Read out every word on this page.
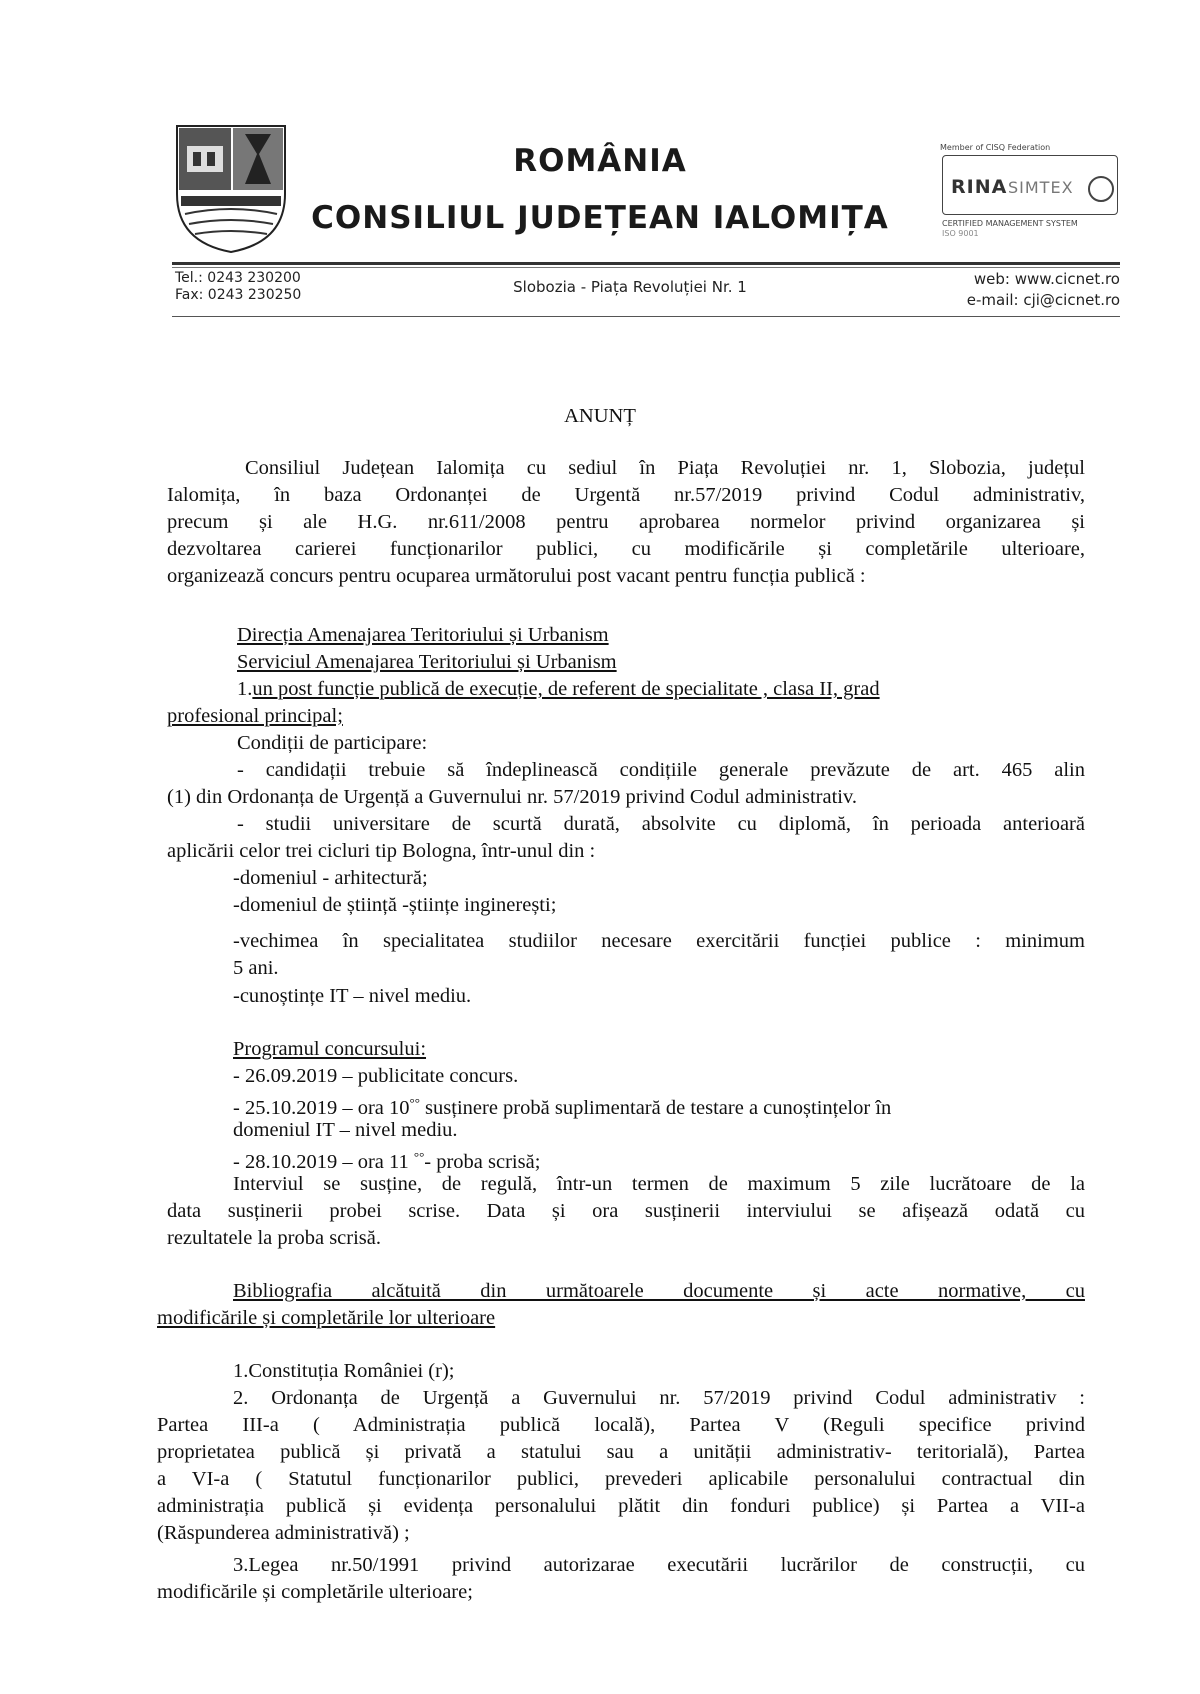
ROMÂNIA
CONSILIUL JUDEȚEAN IALOMIȚA
Member of CISQ Federation
RINA SIMTEX
CERTIFIED MANAGEMENT SYSTEM
ISO 9001
Tel.: 0243 230200
Fax: 0243 230250	Slobozia - Piața Revoluției Nr. 1	web: www.cicnet.ro
e-mail: cji@cicnet.ro
ANUNȚ
Consiliul Județean Ialomița cu sediul în Piața Revoluției nr. 1, Slobozia, județul
Ialomița, în baza Ordonanței de Urgentă nr.57/2019 privind Codul administrativ,
precum și ale H.G. nr.611/2008 pentru aprobarea normelor privind organizarea și
dezvoltarea carierei funcționarilor publici, cu modificările și completările ulterioare,
organizează concurs pentru ocuparea următorului post vacant pentru funcția publică :
Direcția Amenajarea Teritoriului și Urbanism
Serviciul Amenajarea Teritoriului și Urbanism
1.un post funcție publică de execuție, de referent de specialitate , clasa II, grad
profesional principal;
Condiții de participare:
- candidații trebuie să îndeplinească condițiile generale prevăzute de art. 465 alin
(1) din Ordonanța de Urgență a Guvernului nr. 57/2019 privind Codul administrativ.
- studii universitare de scurtă durată, absolvite cu diplomă, în perioada anterioară
aplicării celor trei cicluri tip Bologna, într-unul din :
-domeniul - arhitectură;
-domeniul de știință -științe inginerești;
-vechimea în specialitatea studiilor necesare exercitării funcției publice : minimum
5 ani.
-cunoștințe IT – nivel mediu.
Programul concursului:
- 26.09.2019 – publicitate concurs.
- 25.10.2019 – ora 10°° susținere probă suplimentară de testare a cunoștințelor în
domeniul IT – nivel mediu.
- 28.10.2019 – ora 11 °°- proba scrisă;
Interviul se susține, de regulă, într-un termen de maximum 5 zile lucrătoare de la
data susținerii probei scrise. Data și ora susținerii interviului se afișează odată cu
rezultatele la proba scrisă.
Bibliografia alcătuită din următoarele documente și acte normative, cu
modificările și completările lor ulterioare
1.Constituția României (r);
2. Ordonanța de Urgență a Guvernului nr. 57/2019 privind Codul administrativ :
Partea III-a ( Administrația publică locală), Partea V (Reguli specifice privind
proprietatea publică și privată a statului sau a unității administrativ- teritorială), Partea
a VI-a ( Statutul funcționarilor publici, prevederi aplicabile personalului contractual din
administrația publică și evidența personalului plătit din fonduri publice) și Partea a VII-a
(Răspunderea administrativă) ;
3.Legea nr.50/1991 privind autorizarae executării lucrărilor de construcții, cu
modificările și completările ulterioare;
